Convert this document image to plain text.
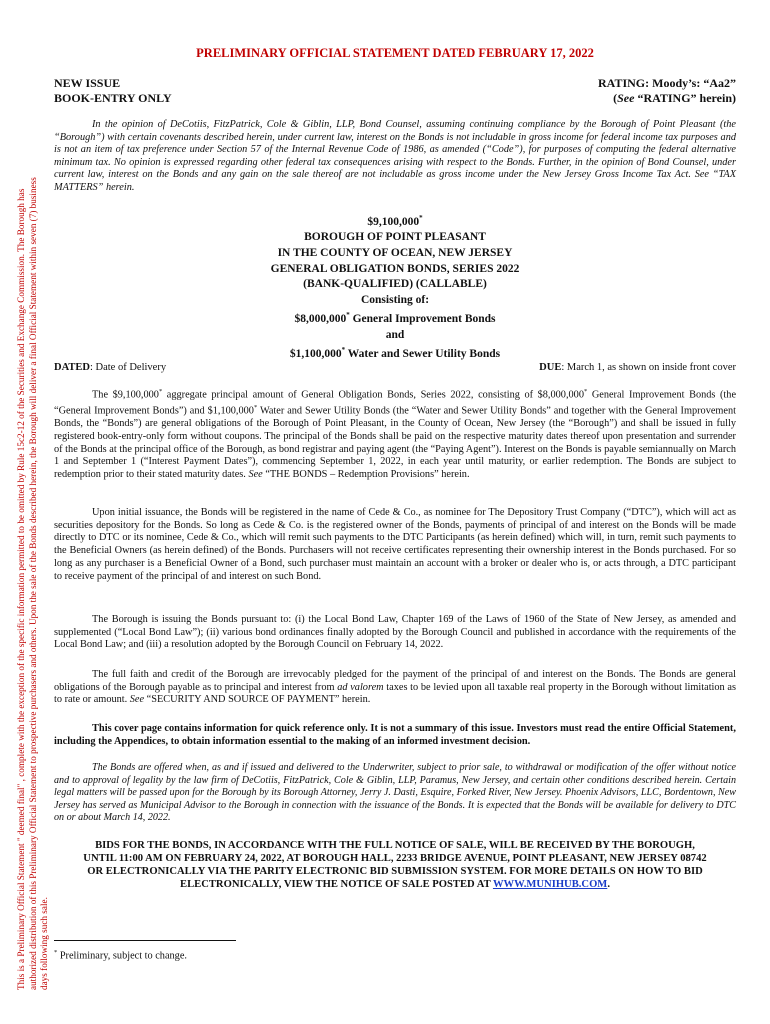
This is a Preliminary Official Statement " deemed final" , complete with the exception of the specific information permitted to be omitted by Rule 15c2-12 of the Securities and Exchange Commission. The Borough has authorized distribution of this Preliminary Official Statement to prospective purchasers and others. Upon the sale of the Bonds described herein, the Borough will deliver a final Official Statement within seven (7) business days following such sale.
PRELIMINARY OFFICIAL STATEMENT DATED FEBRUARY 17, 2022
NEW ISSUE
BOOK-ENTRY ONLY
RATING: Moody’s: “Aa2”
(See “RATING” herein)

In the opinion of DeCotiis, FitzPatrick, Cole & Giblin, LLP, Bond Counsel, assuming continuing compliance by the Borough of Point Pleasant (the “Borough”) with certain covenants described herein, under current law, interest on the Bonds is not includable in gross income for federal income tax purposes and is not an item of tax preference under Section 57 of the Internal Revenue Code of 1986, as amended (“Code”), for purposes of computing the federal alternative minimum tax. No opinion is expressed regarding other federal tax consequences arising with respect to the Bonds. Further, in the opinion of Bond Counsel, under current law, interest on the Bonds and any gain on the sale thereof are not includable as gross income under the New Jersey Gross Income Tax Act. See “TAX MATTERS” herein.

$9,100,000*
BOROUGH OF POINT PLEASANT
IN THE COUNTY OF OCEAN, NEW JERSEY
GENERAL OBLIGATION BONDS, SERIES 2022
(BANK-QUALIFIED) (CALLABLE)
Consisting of:
$8,000,000* General Improvement Bonds
and
$1,100,000* Water and Sewer Utility Bonds
DATED: Date of Delivery	DUE: March 1, as shown on inside front cover

The $9,100,000* aggregate principal amount of General Obligation Bonds, Series 2022, consisting of $8,000,000* General Improvement Bonds (the “General Improvement Bonds”) and $1,100,000* Water and Sewer Utility Bonds (the “Water and Sewer Utility Bonds” and together with the General Improvement Bonds, the “Bonds”) are general obligations of the Borough of Point Pleasant, in the County of Ocean, New Jersey (the “Borough”) and shall be issued in fully registered book-entry-only form without coupons. The principal of the Bonds shall be paid on the respective maturity dates thereof upon presentation and surrender of the Bonds at the principal office of the Borough, as bond registrar and paying agent (the “Paying Agent”). Interest on the Bonds is payable semiannually on March 1 and September 1 (“Interest Payment Dates”), commencing September 1, 2022, in each year until maturity, or earlier redemption. The Bonds are subject to redemption prior to their stated maturity dates. See “THE BONDS – Redemption Provisions” herein.

Upon initial issuance, the Bonds will be registered in the name of Cede & Co., as nominee for The Depository Trust Company (“DTC”), which will act as securities depository for the Bonds. So long as Cede & Co. is the registered owner of the Bonds, payments of principal of and interest on the Bonds will be made directly to DTC or its nominee, Cede & Co., which will remit such payments to the DTC Participants (as herein defined) which will, in turn, remit such payments to the Beneficial Owners (as herein defined) of the Bonds. Purchasers will not receive certificates representing their ownership interest in the Bonds purchased. For so long as any purchaser is a Beneficial Owner of a Bond, such purchaser must maintain an account with a broker or dealer who is, or acts through, a DTC participant to receive payment of the principal of and interest on such Bond.

The Borough is issuing the Bonds pursuant to: (i) the Local Bond Law, Chapter 169 of the Laws of 1960 of the State of New Jersey, as amended and supplemented (“Local Bond Law”); (ii) various bond ordinances finally adopted by the Borough Council and published in accordance with the requirements of the Local Bond Law; and (iii) a resolution adopted by the Borough Council on February 14, 2022.

The full faith and credit of the Borough are irrevocably pledged for the payment of the principal of and interest on the Bonds. The Bonds are general obligations of the Borough payable as to principal and interest from ad valorem taxes to be levied upon all taxable real property in the Borough without limitation as to rate or amount. See “SECURITY AND SOURCE OF PAYMENT” herein.

This cover page contains information for quick reference only. It is not a summary of this issue. Investors must read the entire Official Statement, including the Appendices, to obtain information essential to the making of an informed investment decision.

The Bonds are offered when, as and if issued and delivered to the Underwriter, subject to prior sale, to withdrawal or modification of the offer without notice and to approval of legality by the law firm of DeCotiis, FitzPatrick, Cole & Giblin, LLP, Paramus, New Jersey, and certain other conditions described herein. Certain legal matters will be passed upon for the Borough by its Borough Attorney, Jerry J. Dasti, Esquire, Forked River, New Jersey. Phoenix Advisors, LLC, Bordentown, New Jersey has served as Municipal Advisor to the Borough in connection with the issuance of the Bonds. It is expected that the Bonds will be available for delivery to DTC on or about March 14, 2022.

BIDS FOR THE BONDS, IN ACCORDANCE WITH THE FULL NOTICE OF SALE, WILL BE RECEIVED BY THE BOROUGH,
UNTIL 11:00 AM ON FEBRUARY 24, 2022, AT BOROUGH HALL, 2233 BRIDGE AVENUE, POINT PLEASANT, NEW JERSEY 08742
OR ELECTRONICALLY VIA THE PARITY ELECTRONIC BID SUBMISSION SYSTEM. FOR MORE DETAILS ON HOW TO BID
ELECTRONICALLY, VIEW THE NOTICE OF SALE POSTED AT WWW.MUNIHUB.COM.
* Preliminary, subject to change.
